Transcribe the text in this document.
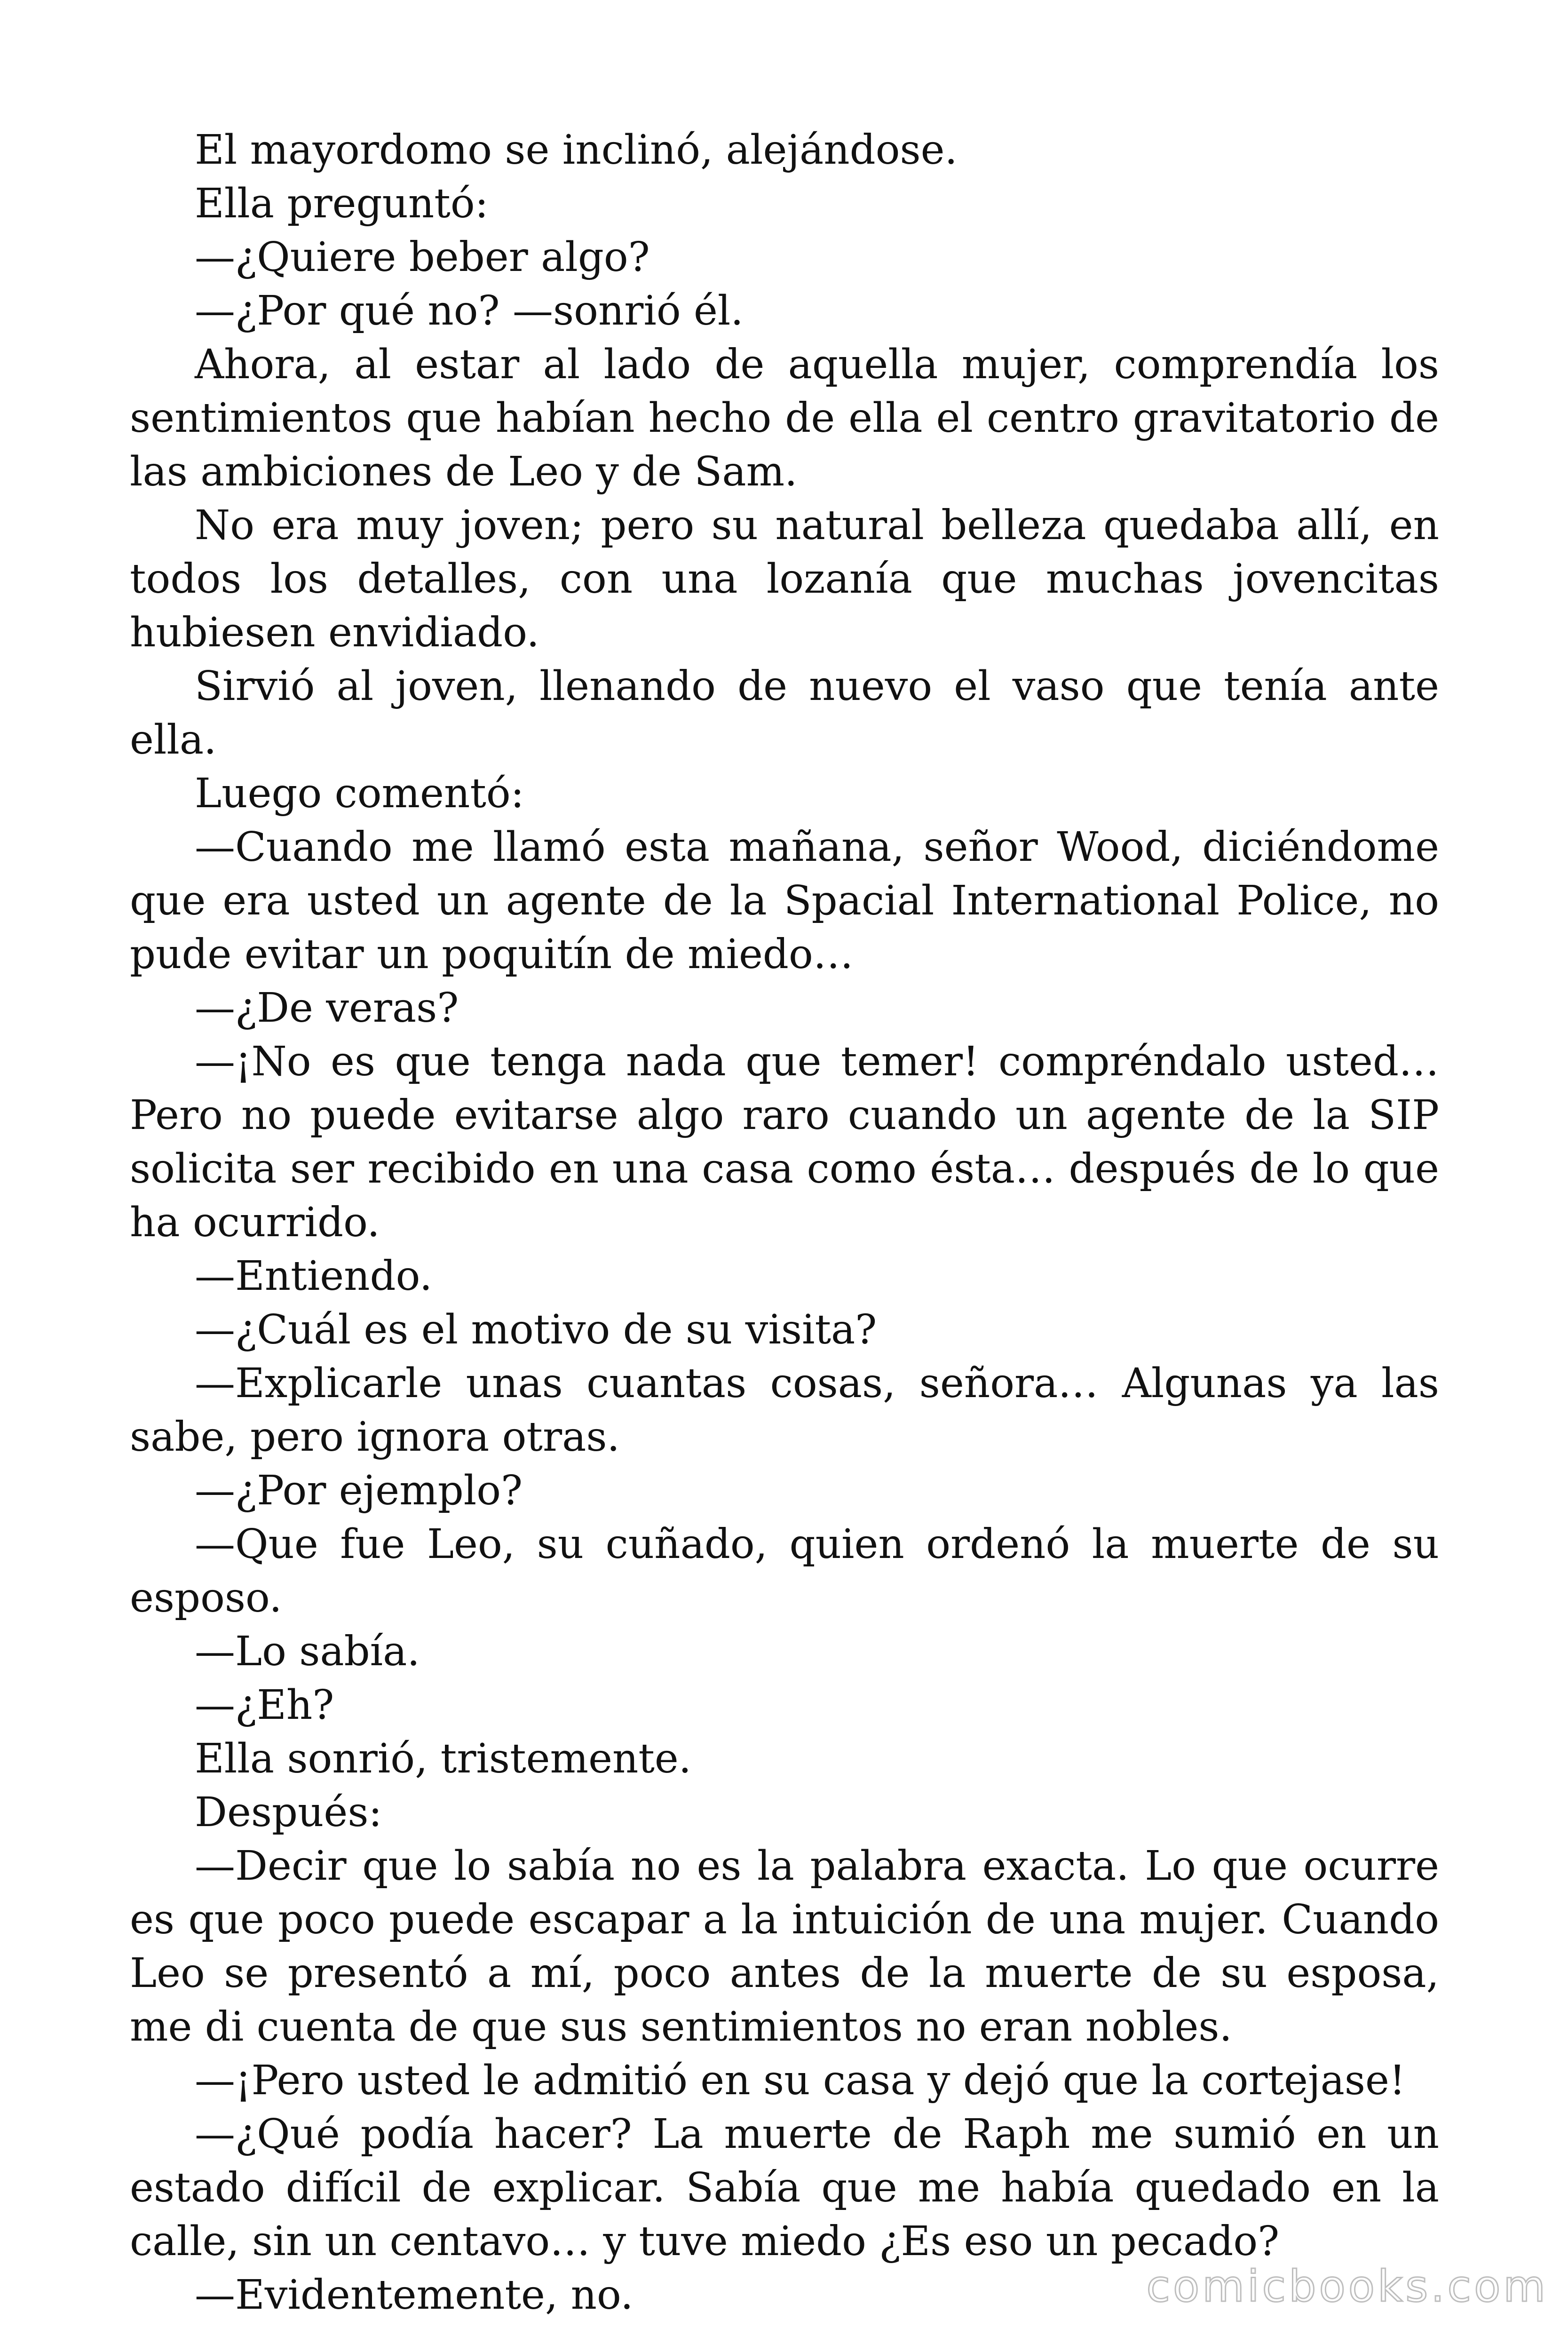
El mayordomo se inclinó, alejándose.

Ella preguntó:

—¿Quiere beber algo?

—¿Por qué no? —sonrió él.

Ahora, al estar al lado de aquella mujer, comprendía los sentimientos que habían hecho de ella el centro gravitatorio de las ambiciones de Leo y de Sam.

No era muy joven; pero su natural belleza quedaba allí, en todos los detalles, con una lozanía que muchas jovencitas hubiesen envidiado.

Sirvió al joven, llenando de nuevo el vaso que tenía ante ella.

Luego comentó:

—Cuando me llamó esta mañana, señor Wood, diciéndome que era usted un agente de la Spacial International Police, no pude evitar un poquitín de miedo…

—¿De veras?

—¡No es que tenga nada que temer! compréndalo usted… Pero no puede evitarse algo raro cuando un agente de la SIP solicita ser recibido en una casa como ésta… después de lo que ha ocurrido.

—Entiendo.

—¿Cuál es el motivo de su visita?

—Explicarle unas cuantas cosas, señora… Algunas ya las sabe, pero ignora otras.

—¿Por ejemplo?

—Que fue Leo, su cuñado, quien ordenó la muerte de su esposo.

—Lo sabía.

—¿Eh?

Ella sonrió, tristemente.

Después:

—Decir que lo sabía no es la palabra exacta. Lo que ocurre es que poco puede escapar a la intuición de una mujer. Cuando Leo se presentó a mí, poco antes de la muerte de su esposa, me di cuenta de que sus sentimientos no eran nobles.

—¡Pero usted le admitió en su casa y dejó que la cortejase!

—¿Qué podía hacer? La muerte de Raph me sumió en un estado difícil de explicar. Sabía que me había quedado en la calle, sin un centavo… y tuve miedo ¿Es eso un pecado?

—Evidentemente, no.	comicbooks.com
